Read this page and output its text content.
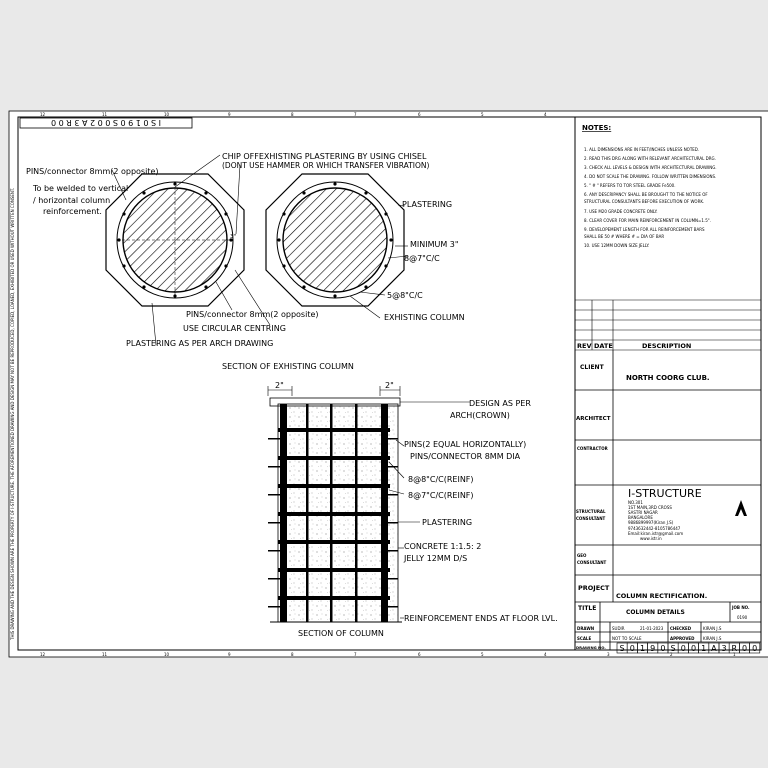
I S 0 1 9 0 S 0 0 2 A 3 R 0 0
12	11	10	9	8	7	6	5	4
12	11	10	9	8	7	6	5	4	3	2	1
THIS DRAWING AND THE DESIGN SHOWN ARE THE PROPERTY OF I-STRUCTURE. THE AFOREMENTIONED DRAWING AND DESIGN MAY NOT BE REPRODUCED, COPIED, LOANED, EXHIBITED OR USED WITHOUT WRITTEN CONSENT.
PINS/connector 8mm(2 opposite)
To be welded to vertical
/ horizontal column
reinforcement.
CHIP OFFEXHISTING PLASTERING BY USING CHISEL
(DONT USE HAMMER OR WHICH TRANSFER VIBRATION)
3"
PINS/connector 8mm(2 opposite)
USE CIRCULAR CENTRING
PLASTERING AS PER ARCH DRAWING
PLASTERING
MINIMUM 3"
8@7"C/C
5@8"C/C
EXHISTING COLUMN
SECTION OF EXHISTING COLUMN
2"	2"
DESIGN AS PER
ARCH(CROWN)
PINS(2 EQUAL HORIZONTALLY)
PINS/CONNECTOR 8MM DIA
8@8"C/C(REINF)
8@7"C/C(REINF)
PLASTERING
CONCRETE 1:1.5: 2
JELLY 12MM D/S
REINFORCEMENT ENDS AT FLOOR LVL.
SECTION OF COLUMN
NOTES:
1. ALL DIMENSIONS ARE IN FEET/INCHES UNLESS NOTED.
2. READ THIS DRG ALONG WITH RELEVANT ARCHITECTURAL DRG.
3. CHECK ALL LEVELS & DESIGN WITH ARCHITECTURAL DRAWING.
4. DO NOT SCALE THE DRAWING. FOLLOW WRITTEN DIMENSIONS.
5. " # " REFERS TO TOR STEEL GRADE Fe500.
6. ANY DESCRIPANCY SHALL BE BROUGHT TO THE NOTICE OF
STRUCTURAL CONSULTANTS BEFORE EXECUTION OF WORK.
7. USE M20 GRADE CONCRETE ONLY.
8. CLEAR COVER FOR MAIN REINFORCEMENT IN COLUMN=1.5".
9. DEVELOPEMENT LENGTH FOR ALL REINFORCEMENT BARS
SHALL BE 50 # WHERE # = DIA OF BAR
10. USE 12MM DOWN SIZE JELLY.
REV DATE	DESCRIPTION
CLIENT
NORTH COORG CLUB.
ARCHITECT
CONTRACTOR
STRUCTURAL
CONSULTANT
I-STRUCTURE
NO.301
1ST MAIN,3RD CROSS
SASTRI NAGAR
BANGALORE
9886899997(Kiran J.S)
9743632442-8105786447
Email:kiran.istr@gmail.com
www.istr.in
GEO
CONSULTANT
PROJECT
COLUMN RECTIFICATION.
TITLE
COLUMN DETAILS
JOB NO.
0190
DRAWN	SUDIR	21-01-2023 CHECKED	KIRAN J.S
SCALE	NOT TO SCALE	APPROVED KIRAN J.S
DRAWING NO. S 0 1 9 0 S 0 0 1 A 3 R 0 0
